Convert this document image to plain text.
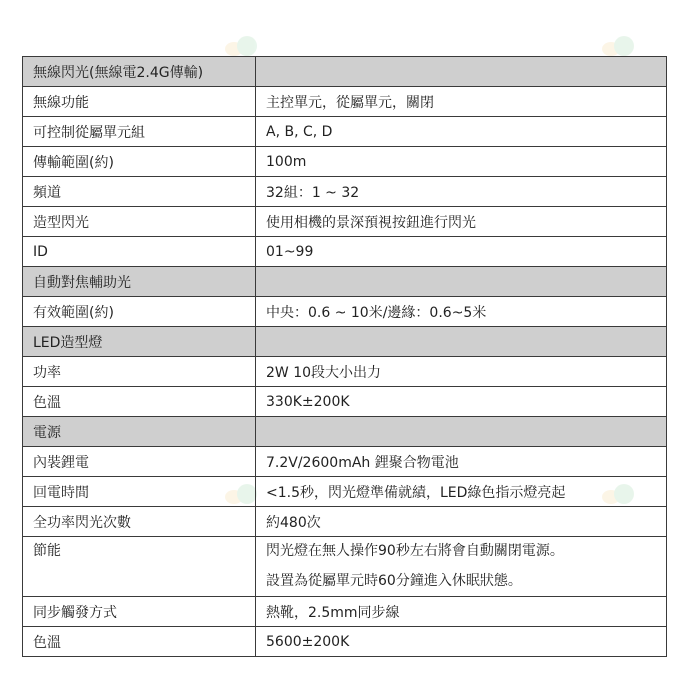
無線閃光(無線電2.4G傳輸)	
無線功能	主控單元，從屬單元，關閉
可控制從屬單元組	A, B, C, D
傳輸範圍(約)	100m
頻道	32組：1 ~ 32
造型閃光	使用相機的景深預視按鈕進行閃光
ID	01~99
自動對焦輔助光	
有效範圍(約)	中央：0.6 ~ 10米/邊緣：0.6~5米
LED造型燈	
功率	2W 10段大小出力
色溫	330K±200K
電源	
內裝鋰電	7.2V/2600mAh 鋰聚合物電池
回電時間	<1.5秒，閃光燈準備就績，LED綠色指示燈亮起
全功率閃光次數	約480次

節能	閃光燈在無人操作90秒左右將會自動關閉電源。
設置為從屬單元時60分鐘進入休眠狀態。

同步觸發方式	熱靴，2.5mm同步線
色溫	5600±200K
